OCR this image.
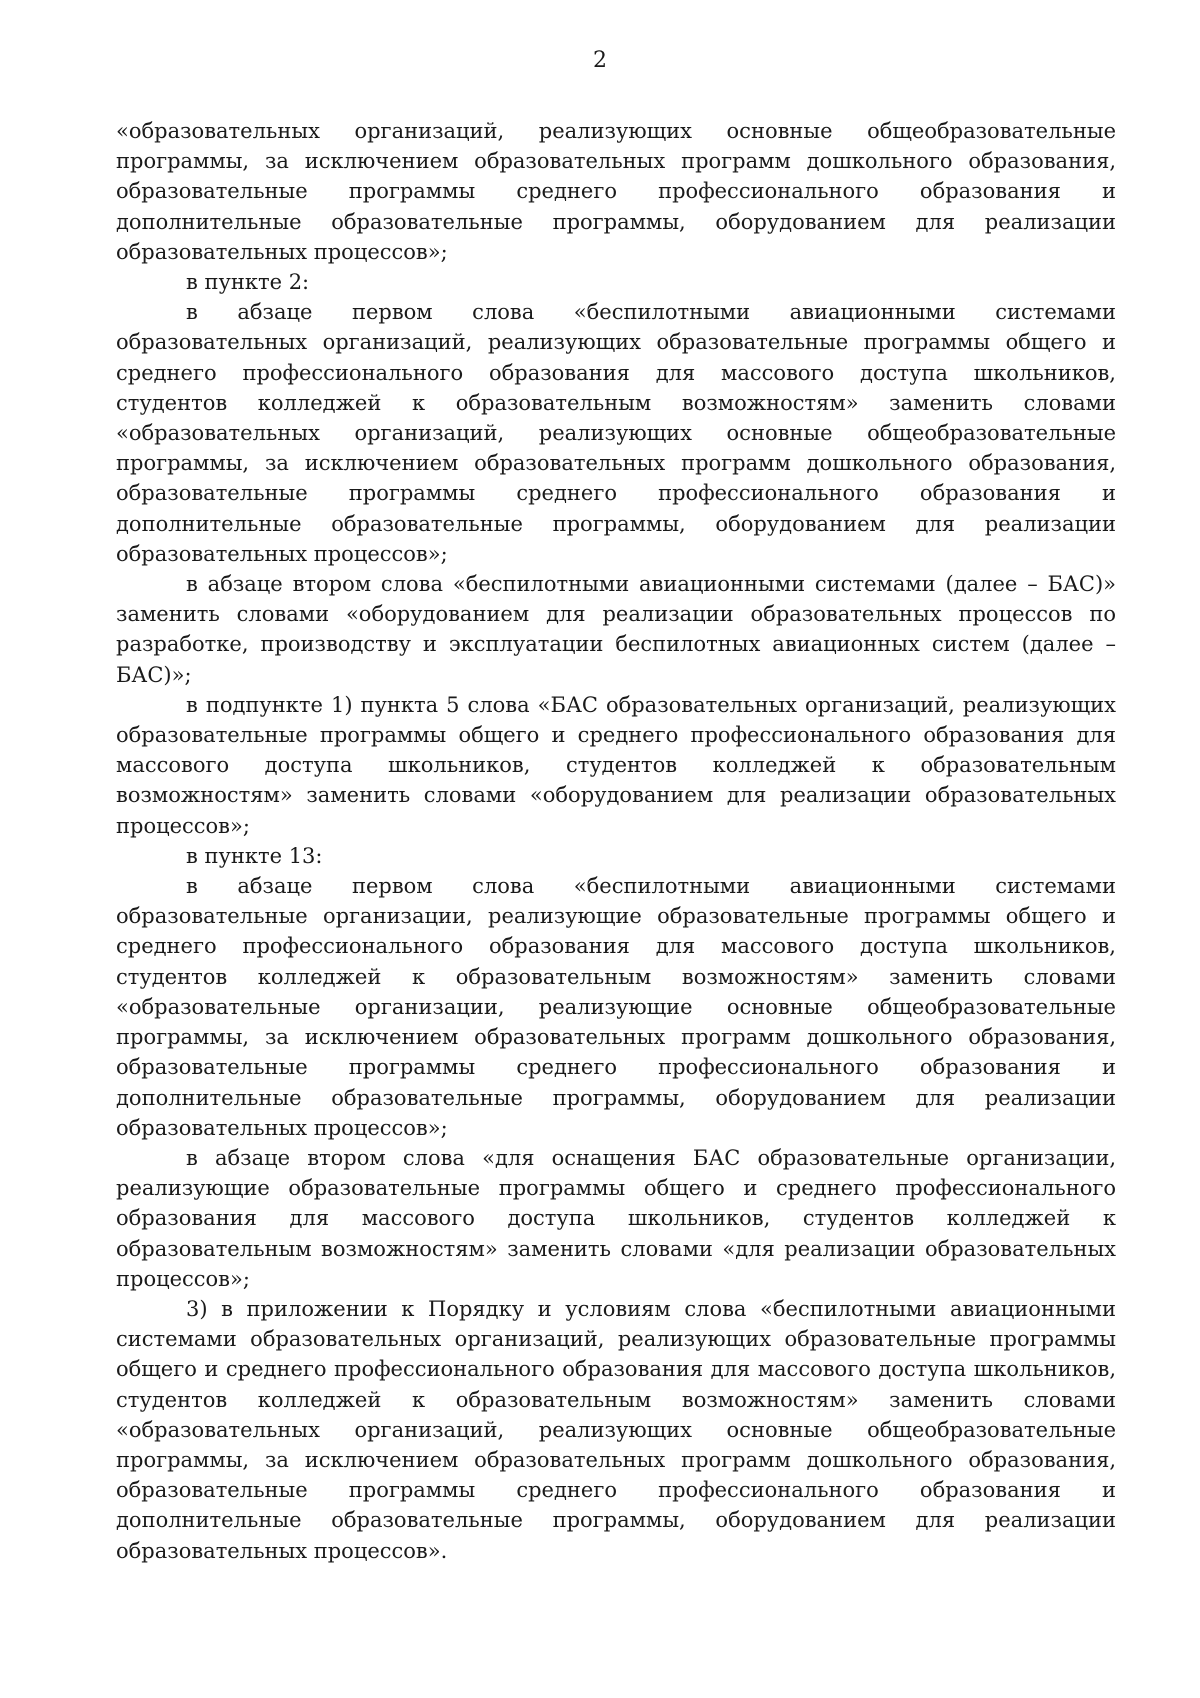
2

«образовательных организаций, реализующих основные общеобразовательные программы, за исключением образовательных программ дошкольного образования, образовательные программы среднего профессионального образования и дополнительные образовательные программы, оборудованием для реализации образовательных процессов»;

в пункте 2:

в абзаце первом слова «беспилотными авиационными системами образовательных организаций, реализующих образовательные программы общего и среднего профессионального образования для массового доступа школьников, студентов колледжей к образовательным возможностям» заменить словами «образовательных организаций, реализующих основные общеобразовательные программы, за исключением образовательных программ дошкольного образования, образовательные программы среднего профессионального образования и дополнительные образовательные программы, оборудованием для реализации образовательных процессов»;

в абзаце втором слова «беспилотными авиационными системами (далее – БАС)» заменить словами «оборудованием для реализации образовательных процессов по разработке, производству и эксплуатации беспилотных авиационных систем (далее – БАС)»;

в подпункте 1) пункта 5 слова «БАС образовательных организаций, реализующих образовательные программы общего и среднего профессионального образования для массового доступа школьников, студентов колледжей к образовательным возможностям» заменить словами «оборудованием для реализации образовательных процессов»;

в пункте 13:

в абзаце первом слова «беспилотными авиационными системами образовательные организации, реализующие образовательные программы общего и среднего профессионального образования для массового доступа школьников, студентов колледжей к образовательным возможностям» заменить словами «образовательные организации, реализующие основные общеобразовательные программы, за исключением образовательных программ дошкольного образования, образовательные программы среднего профессионального образования и дополнительные образовательные программы, оборудованием для реализации образовательных процессов»;

в абзаце втором слова «для оснащения БАС образовательные организации, реализующие образовательные программы общего и среднего профессионального образования для массового доступа школьников, студентов колледжей к образовательным возможностям» заменить словами «для реализации образовательных процессов»;

3) в приложении к Порядку и условиям слова «беспилотными авиационными системами образовательных организаций, реализующих образовательные программы общего и среднего профессионального образования для массового доступа школьников, студентов колледжей к образовательным возможностям» заменить словами «образовательных организаций, реализующих основные общеобразовательные программы, за исключением образовательных программ дошкольного образования, образовательные программы среднего профессионального образования и дополнительные образовательные программы, оборудованием для реализации образовательных процессов».
